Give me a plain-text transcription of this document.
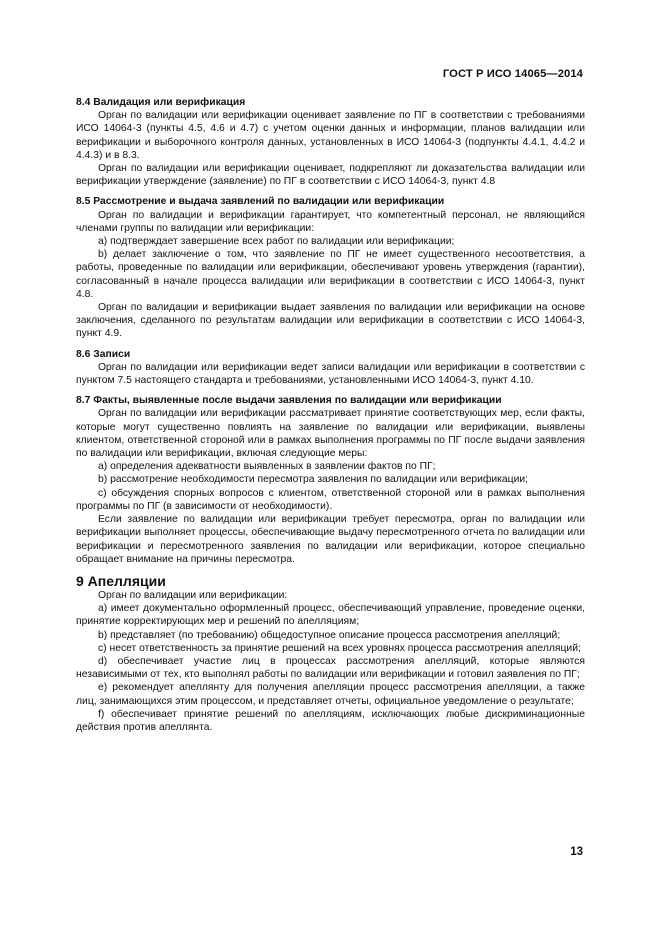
ГОСТ Р ИСО 14065—2014

8.4 Валидация или верификация

Орган по валидации или верификации оценивает заявление по ПГ в соответствии с требованиями ИСО 14064-3 (пункты 4.5, 4.6 и 4.7) с учетом оценки данных и информации, планов валидации или верификации и выборочного контроля данных, установленных в ИСО 14064-3 (подпункты 4.4.1, 4.4.2 и 4.4.3) и в 8.3.

Орган по валидации или верификации оценивает, подкрепляют ли доказательства валидации или верификации утверждение (заявление) по ПГ в соответствии с ИСО 14064-3, пункт 4.8

8.5 Рассмотрение и выдача заявлений по валидации или верификации

Орган по валидации и верификации гарантирует, что компетентный персонал, не являющийся членами группы по валидации или верификации:

a) подтверждает завершение всех работ по валидации или верификации;

b) делает заключение о том, что заявление по ПГ не имеет существенного несоответствия, а работы, проведенные по валидации или верификации, обеспечивают уровень утверждения (гарантии), согласованный в начале процесса валидации или верификации в соответствии с ИСО 14064-3, пункт 4.8.

Орган по валидации и верификации выдает заявления по валидации или верификации на основе заключения, сделанного по результатам валидации или верификации в соответствии с ИСО 14064-3, пункт 4.9.

8.6 Записи

Орган по валидации или верификации ведет записи валидации или верификации в соответствии с пунктом 7.5 настоящего стандарта и требованиями, установленными ИСО 14064-3, пункт 4.10.

8.7 Факты, выявленные после выдачи заявления по валидации или верификации

Орган по валидации или верификации рассматривает принятие соответствующих мер, если факты, которые могут существенно повлиять на заявление по валидации или верификации, выявлены клиентом, ответственной стороной или в рамках выполнения программы по ПГ после выдачи заявления по валидации или верификации, включая следующие меры:

a) определения адекватности выявленных в заявлении фактов по ПГ;

b) рассмотрение необходимости пересмотра заявления по валидации или верификации;

c) обсуждения спорных вопросов с клиентом, ответственной стороной или в рамках выполнения программы по ПГ (в зависимости от необходимости).

Если заявление по валидации или верификации требует пересмотра, орган по валидации или верификации выполняет процессы, обеспечивающие выдачу пересмотренного отчета по валидации или верификации и пересмотренного заявления по валидации или верификации, которое специально обращает внимание на причины пересмотра.

9 Апелляции

Орган по валидации или верификации:

a) имеет документально оформленный процесс, обеспечивающий управление, проведение оценки, принятие корректирующих мер и решений по апелляциям;

b) представляет (по требованию) общедоступное описание процесса рассмотрения апелляций;

c) несет ответственность за принятие решений на всех уровнях процесса рассмотрения апелляций;

d) обеспечивает участие лиц в процессах рассмотрения апелляций, которые являются независимыми от тех, кто выполнял работы по валидации или верификации и готовил заявления по ПГ;

e) рекомендует апеллянту для получения апелляции процесс рассмотрения апелляции, а также лиц, занимающихся этим процессом, и представляет отчеты, официальное уведомление о результате;

f) обеспечивает принятие решений по апелляциям, исключающих любые дискриминационные действия против апеллянта.

13
